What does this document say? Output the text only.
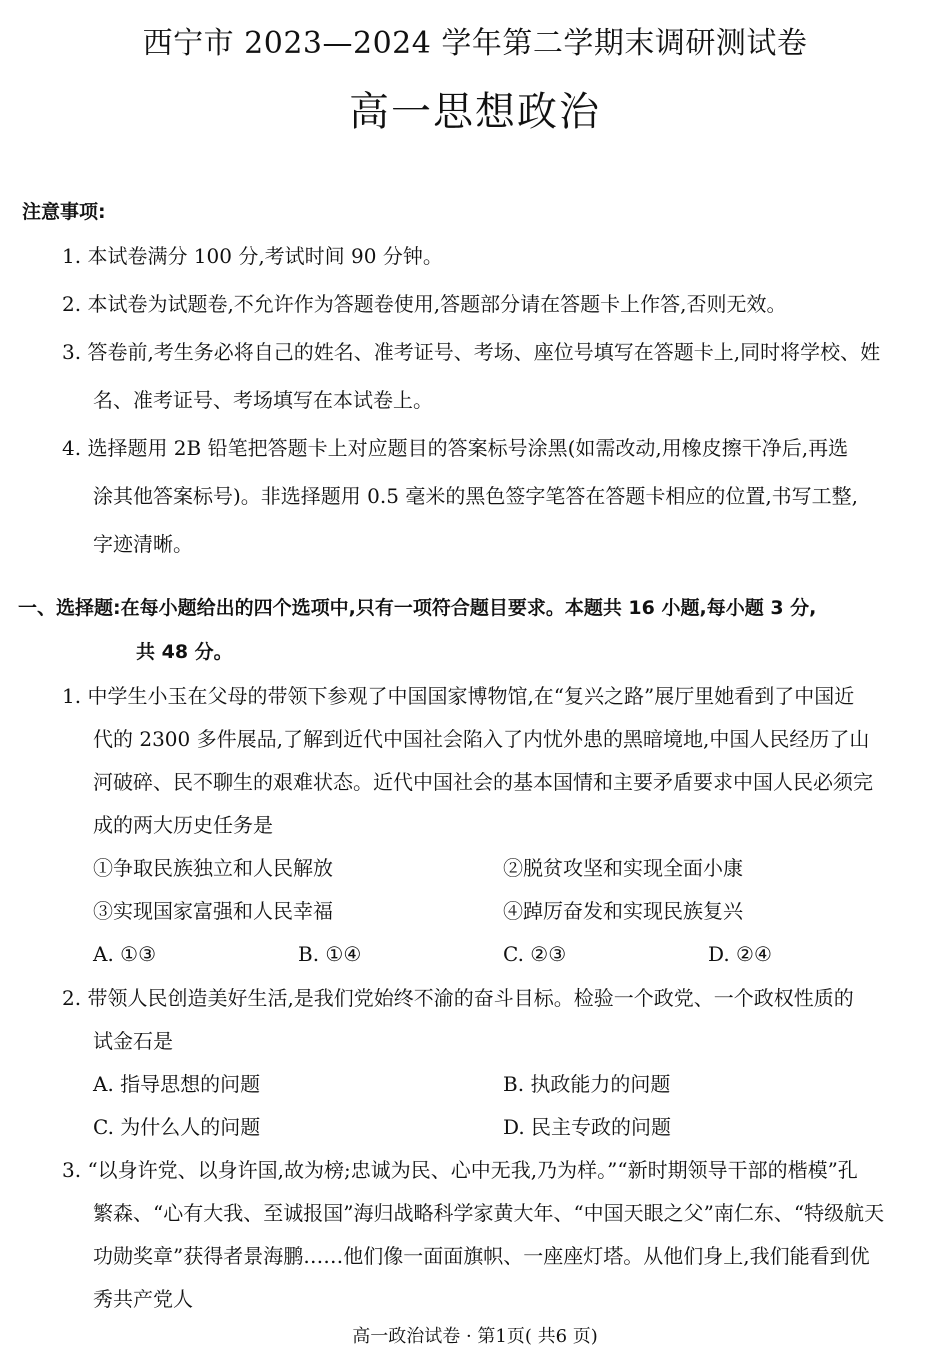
西宁市 2023—2024 学年第二学期末调研测试卷
高一思想政治
注意事项:
1. 本试卷满分 100 分,考试时间 90 分钟。
2. 本试卷为试题卷,不允许作为答题卷使用,答题部分请在答题卡上作答,否则无效。
3. 答卷前,考生务必将自己的姓名、准考证号、考场、座位号填写在答题卡上,同时将学校、姓
名、准考证号、考场填写在本试卷上。
4. 选择题用 2B 铅笔把答题卡上对应题目的答案标号涂黑(如需改动,用橡皮擦干净后,再选
涂其他答案标号)。非选择题用 0.5 毫米的黑色签字笔答在答题卡相应的位置,书写工整,
字迹清晰。
一、选择题:在每小题给出的四个选项中,只有一项符合题目要求。本题共 16 小题,每小题 3 分,
共 48 分。
1. 中学生小玉在父母的带领下参观了中国国家博物馆,在“复兴之路”展厅里她看到了中国近
代的 2300 多件展品,了解到近代中国社会陷入了内忧外患的黑暗境地,中国人民经历了山
河破碎、民不聊生的艰难状态。近代中国社会的基本国情和主要矛盾要求中国人民必须完
成的两大历史任务是
①争取民族独立和人民解放	②脱贫攻坚和实现全面小康
③实现国家富强和人民幸福	④踔厉奋发和实现民族复兴
A. ①③	B. ①④	C. ②③	D. ②④
2. 带领人民创造美好生活,是我们党始终不渝的奋斗目标。检验一个政党、一个政权性质的
试金石是
A. 指导思想的问题	B. 执政能力的问题
C. 为什么人的问题	D. 民主专政的问题
3. “以身许党、以身许国,故为榜;忠诚为民、心中无我,乃为样。”“新时期领导干部的楷模”孔
繁森、“心有大我、至诚报国”海归战略科学家黄大年、“中国天眼之父”南仁东、“特级航天
功勋奖章”获得者景海鹏……他们像一面面旗帜、一座座灯塔。从他们身上,我们能看到优
秀共产党人
高一政治试卷 · 第1页( 共6 页)
